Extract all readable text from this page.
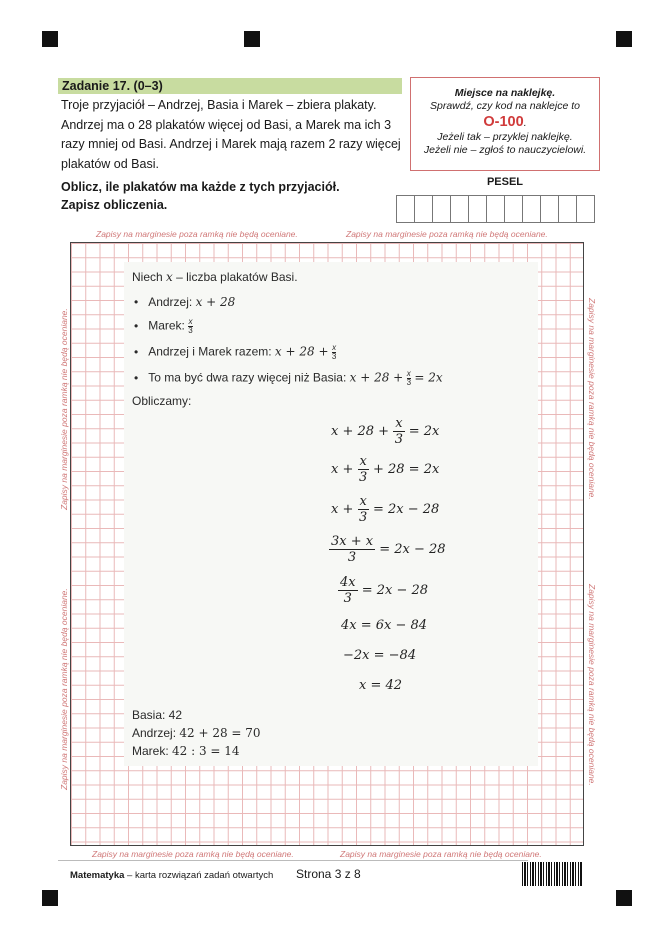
Zadanie 17. (0–3)
Troje przyjaciół – Andrzej, Basia i Marek – zbiera plakaty. Andrzej ma o 28 plakatów więcej od Basi, a Marek ma ich 3 razy mniej od Basi. Andrzej i Marek mają razem 2 razy więcej plakatów od Basi.
Oblicz, ile plakatów ma każde z tych przyjaciół.
Zapisz obliczenia.
Miejsce na naklejkę.
Sprawdź, czy kod na naklejce to
O-100.
Jeżeli tak – przyklej naklejkę.
Jeżeli nie – zgłoś to nauczycielowi.
PESEL
Zapisy na marginesie poza ramką nie będą oceniane.	Zapisy na marginesie poza ramką nie będą oceniane.
Zapisy na marginesie poza ramką nie będą oceniane.	Zapisy na marginesie poza ramką nie będą oceniane.
Zapisy na marginesie poza ramką nie będą oceniane.
Zapisy na marginesie poza ramką nie będą oceniane.
Zapisy na marginesie poza ramką nie będą oceniane.
Zapisy na marginesie poza ramką nie będą oceniane.
Niech x – liczba plakatów Basi.
• Andrzej: x + 28
• Marek: $\frac{x}{3}$
• Andrzej i Marek razem: $x + 28 + \frac{x}{3}$
• To ma być dwa razy więcej niż Basia: $x + 28 + \frac{x}{3} = 2x$
Obliczamy:
$x + 28 + \frac{x}{3} = 2x$
$x + \frac{x}{3} + 28 = 2x$
$x + \frac{x}{3} = 2x - 28$
$\frac{3x + x}{3} = 2x - 28$
$\frac{4x}{3} = 2x - 28$
4x = 6x − 84
−2x = −84
x = 42
Basia: 42
Andrzej: 42 + 28 = 70
Marek: 42 : 3 = 14
Matematyka – karta rozwiązań zadań otwartych Strona 3 z 8
